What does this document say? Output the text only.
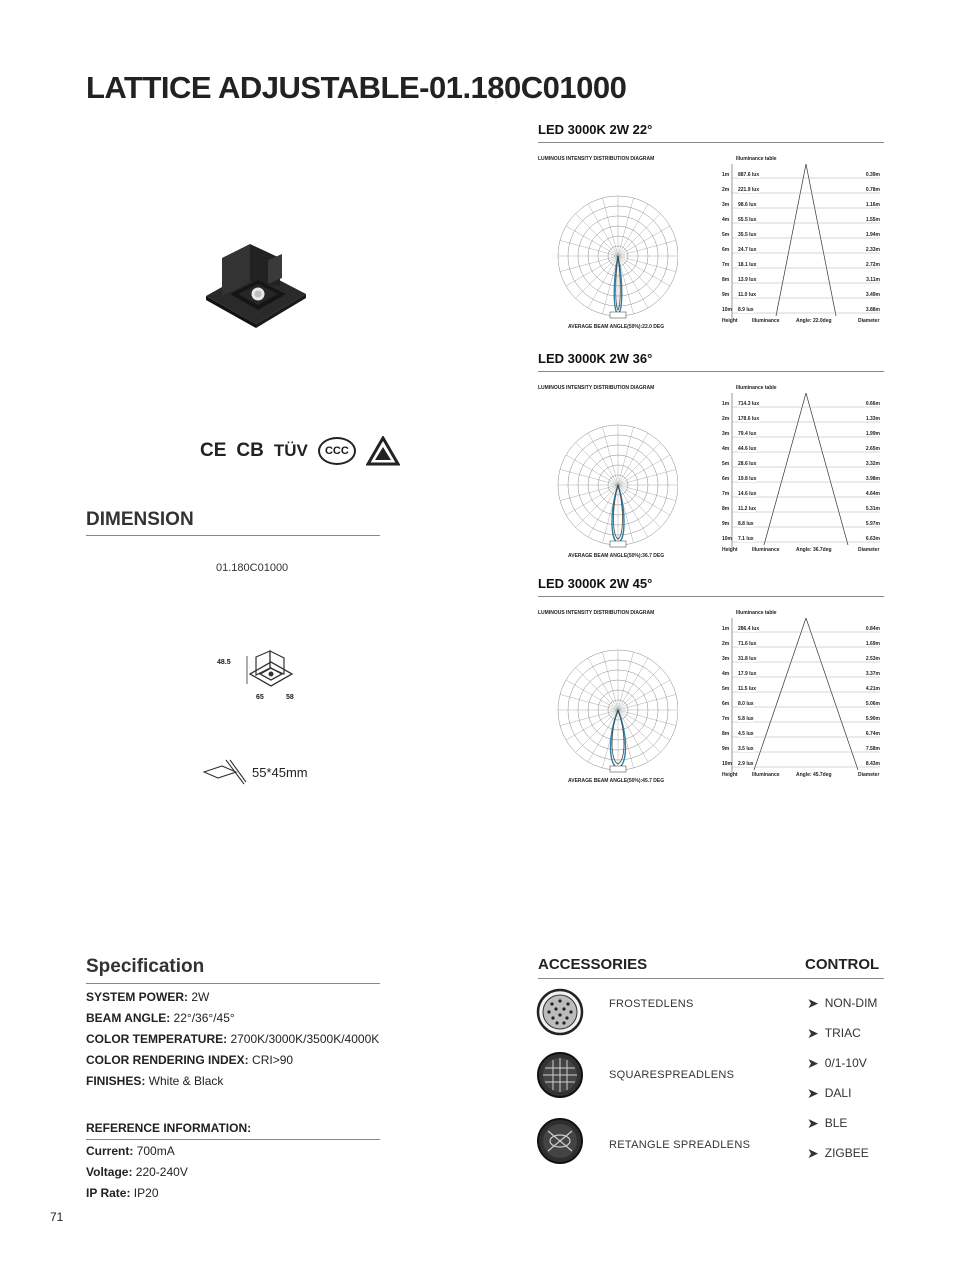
LATTICE ADJUSTABLE-01.180C01000
CE CB TÜV	CCC
DIMENSION
01.180C01000
48.5
65	58
55*45mm
LED 3000K 2W 22°
LUMINOUS INTENSITY DISTRIBUTION DIAGRAM
AVERAGE BEAM ANGLE(50%):22.0 DEG
Illuminance table
1m 887.6 lux	0.39m
2m 221.9 lux	0.78m
3m 98.6 lux	1.16m
4m 55.5 lux	1.55m
5m 35.5 lux	1.94m
6m 24.7 lux	2.33m
7m 18.1 lux	2.72m
8m 13.9 lux	3.11m
9m 11.0 lux	3.49m
10m 8.9 lux	3.88m
Height	Illuminance	Angle: 22.0deg	Diameter
LED 3000K 2W 36°
LUMINOUS INTENSITY DISTRIBUTION DIAGRAM
AVERAGE BEAM ANGLE(50%):36.7 DEG
Illuminance table
1m 714.3 lux	0.66m
2m 178.6 lux	1.33m
3m 79.4 lux	1.99m
4m 44.6 lux	2.65m
5m 28.6 lux	3.32m
6m 19.8 lux	3.98m
7m 14.6 lux	4.64m
8m 11.2 lux	5.31m
9m 8.8 lux	5.97m
10m 7.1 lux	6.63m
Height	Illuminance	Angle: 36.7deg	Diameter
LED 3000K 2W 45°
LUMINOUS INTENSITY DISTRIBUTION DIAGRAM
AVERAGE BEAM ANGLE(50%):45.7 DEG
Illuminance table
1m 286.4 lux	0.84m
2m 71.6 lux	1.69m
3m 31.8 lux	2.53m
4m 17.9 lux	3.37m
5m 11.5 lux	4.21m
6m 8.0 lux	5.06m
7m 5.8 lux	5.90m
8m 4.5 lux	6.74m
9m 3.5 lux	7.58m
10m 2.9 lux	8.43m
Height	Illuminance	Angle: 45.7deg	Diameter
Specification
SYSTEM POWER: 2W
BEAM ANGLE: 22°/36°/45°
COLOR TEMPERATURE: 2700K/3000K/3500K/4000K
COLOR RENDERING INDEX: CRI>90
FINISHES: White & Black
REFERENCE INFORMATION:
Current: 700mA
Voltage: 220-240V
IP Rate: IP20
ACCESSORIES
FROSTEDLENS
SQUARESPREADLENS
RETANGLE SPREADLENS
CONTROL
➤ NON-DIM
➤ TRIAC
➤ 0/1-10V
➤ DALI
➤ BLE
➤ ZIGBEE
71
